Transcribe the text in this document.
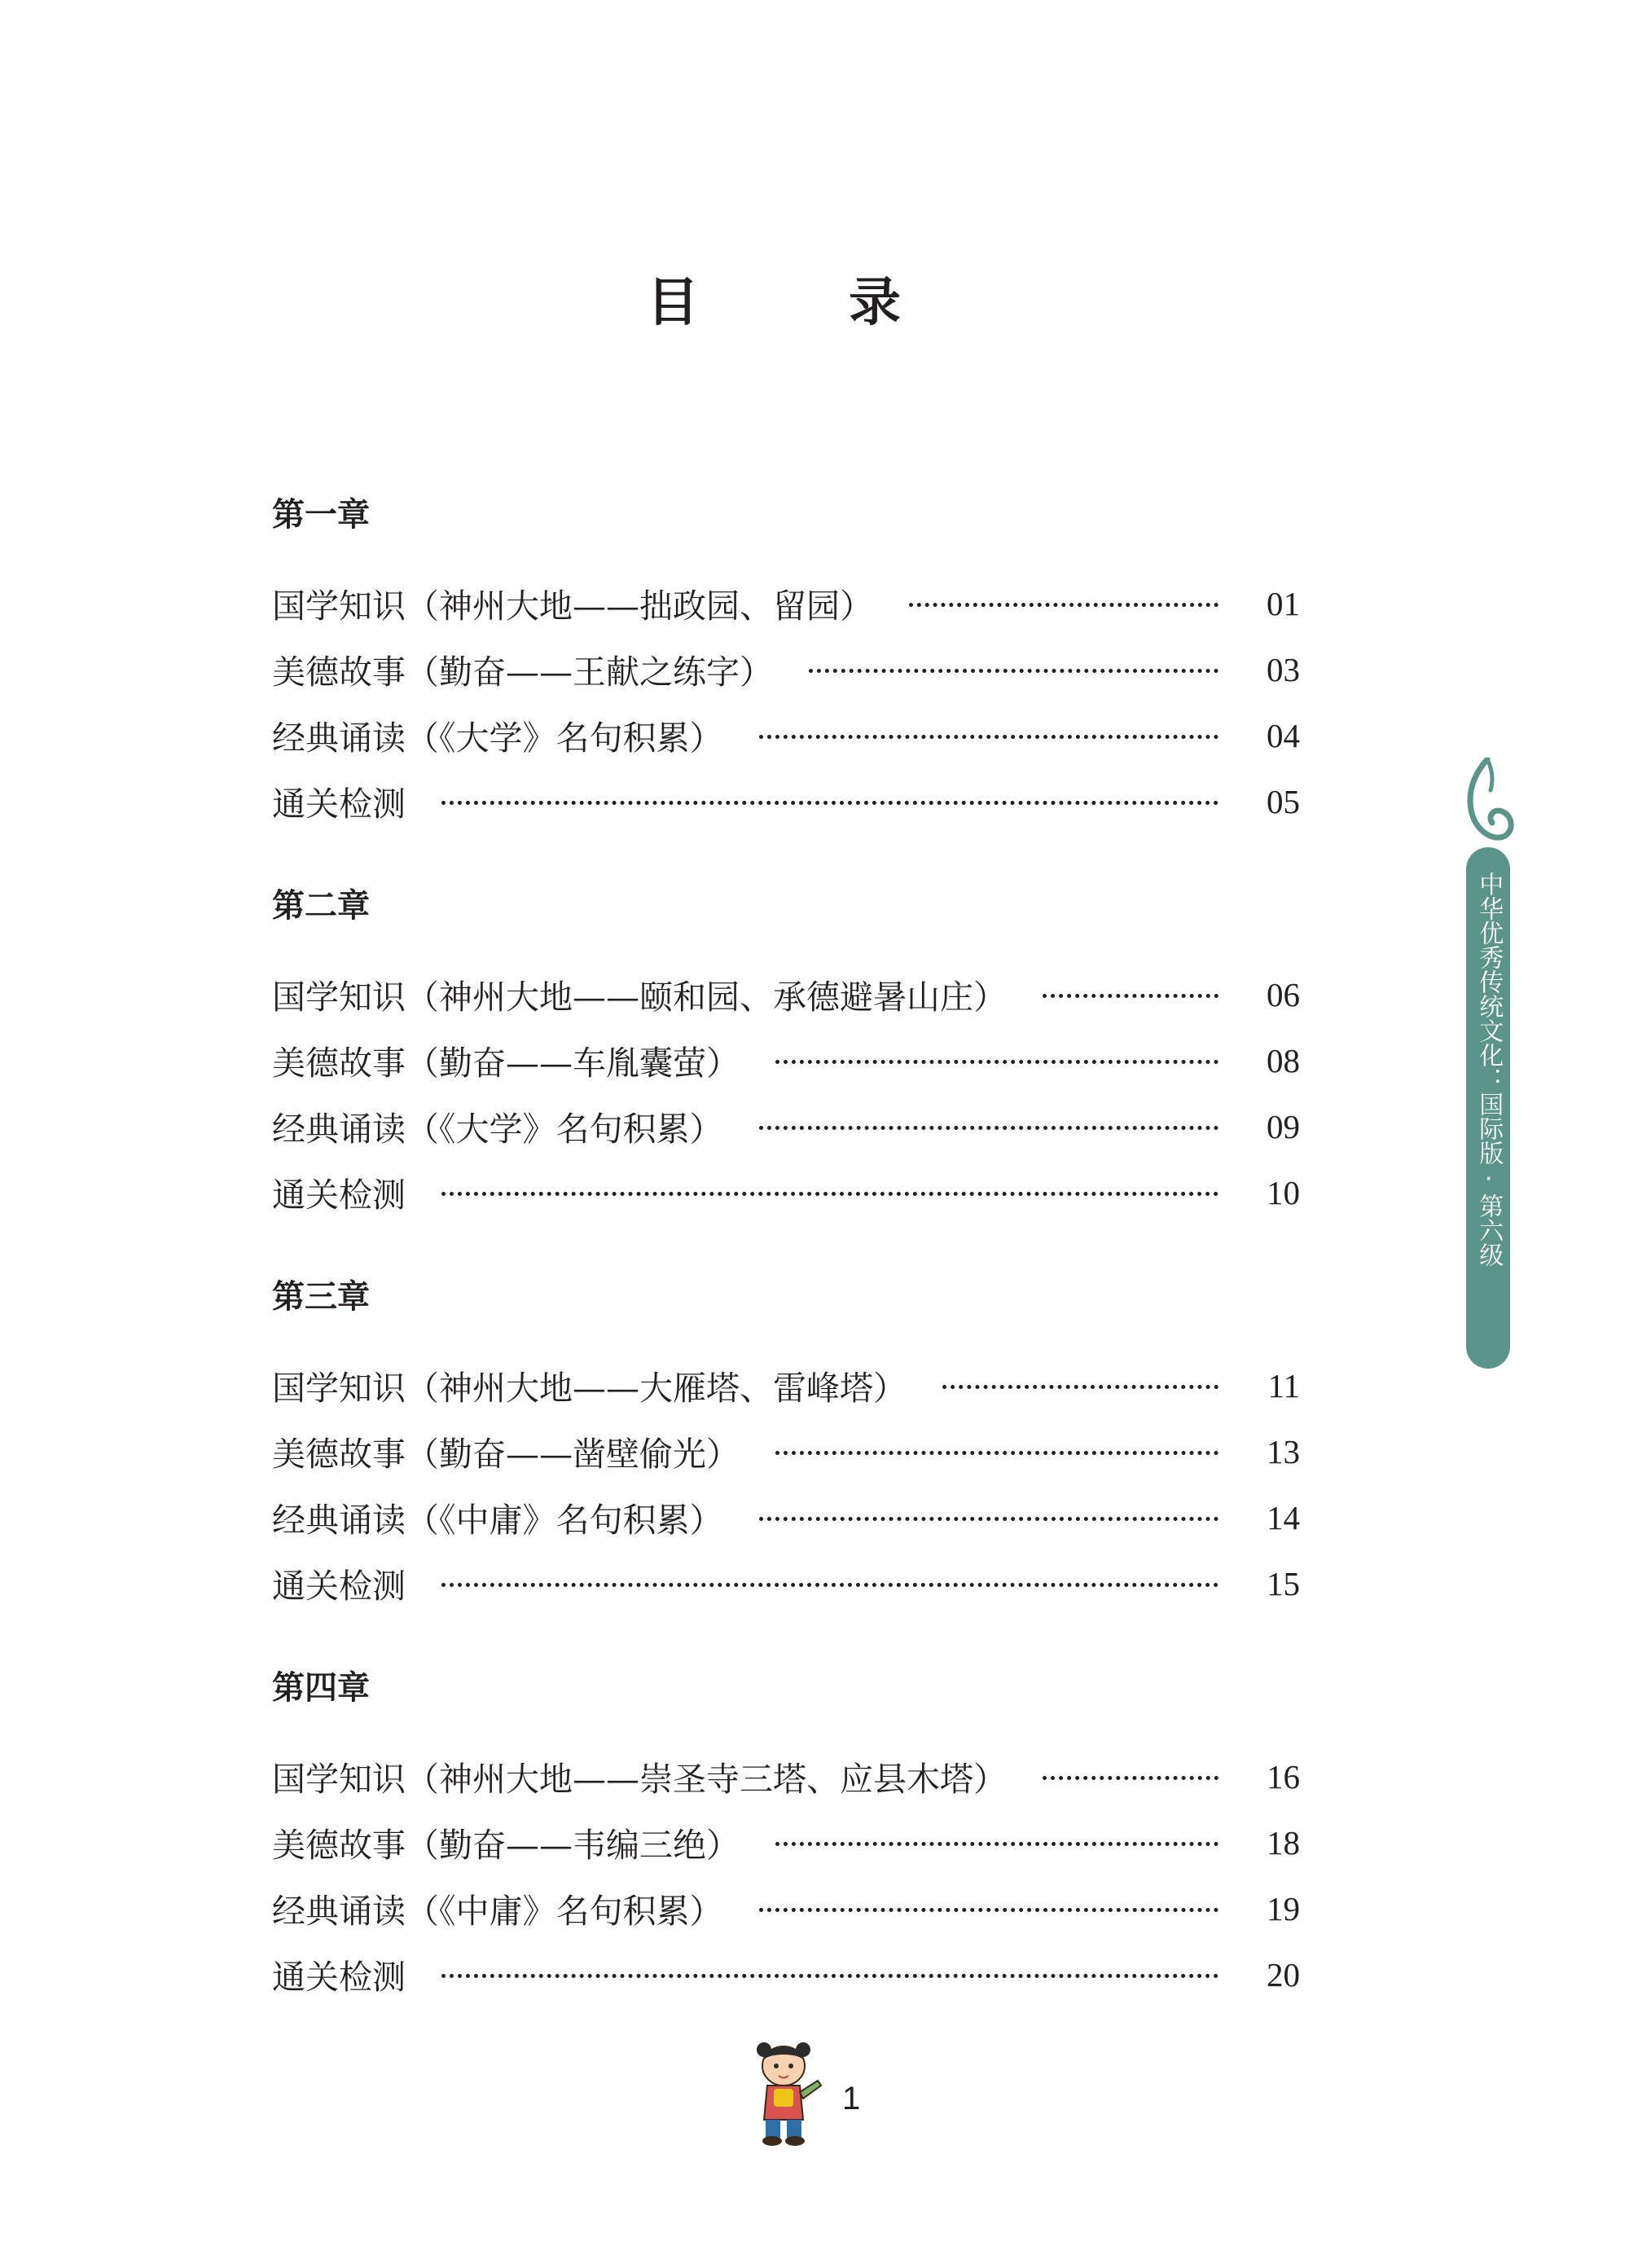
目　录
第一章
国学知识（神州大地——拙政园、留园）	01
美德故事（勤奋——王献之练字）	03
经典诵读（《大学》名句积累）	04
通关检测	05
第二章
国学知识（神州大地——颐和园、承德避暑山庄）	06
美德故事（勤奋——车胤囊萤）	08
经典诵读（《大学》名句积累）	09
通关检测	10
第三章
国学知识（神州大地——大雁塔、雷峰塔）	11
美德故事（勤奋——凿壁偷光）	13
经典诵读（《中庸》名句积累）	14
通关检测	15
第四章
国学知识（神州大地——崇圣寺三塔、应县木塔）	16
美德故事（勤奋——韦编三绝）	18
经典诵读（《中庸》名句积累）	19
通关检测	20
中华优秀传统文化：国际版·第六级
1
